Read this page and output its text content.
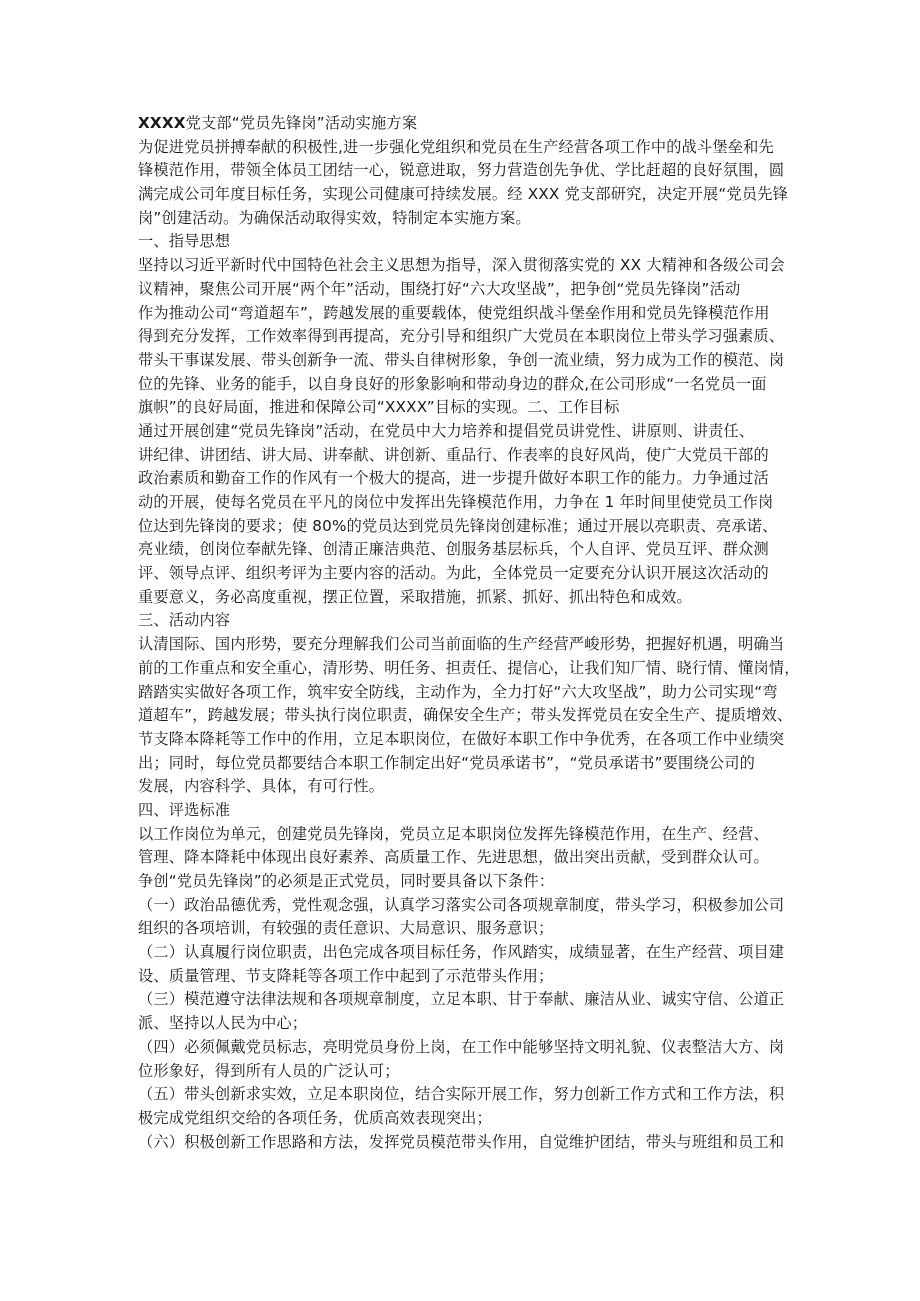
XXXX党支部“党员先锋岗”活动实施方案
为促进党员拼搏奉献的积极性,进一步强化党组织和党员在生产经营各项工作中的战斗堡垒和先
锋模范作用，带领全体员工团结一心，锐意进取，努力营造创先争优、学比赶超的良好氛围，圆
满完成公司年度目标任务，实现公司健康可持续发展。经 XXX 党支部研究，决定开展“党员先锋
岗”创建活动。为确保活动取得实效，特制定本实施方案。
一、指导思想
坚持以习近平新时代中国特色社会主义思想为指导，深入贯彻落实党的 XX 大精神和各级公司会
议精神，聚焦公司开展“两个年”活动，围绕打好“六大攻坚战”，把争创“党员先锋岗”活动
作为推动公司“弯道超车”，跨越发展的重要载体，使党组织战斗堡垒作用和党员先锋模范作用
得到充分发挥，工作效率得到再提高，充分引导和组织广大党员在本职岗位上带头学习强素质、
带头干事谋发展、带头创新争一流、带头自律树形象，争创一流业绩，努力成为工作的模范、岗
位的先锋、业务的能手，以自身良好的形象影响和带动身边的群众,在公司形成“一名党员一面
旗帜”的良好局面，推进和保障公司“XXXX”目标的实现。二、工作目标
通过开展创建“党员先锋岗”活动，在党员中大力培养和提倡党员讲党性、讲原则、讲责任、
讲纪律、讲团结、讲大局、讲奉献、讲创新、重品行、作表率的良好风尚，使广大党员干部的
政治素质和勤奋工作的作风有一个极大的提高，进一步提升做好本职工作的能力。力争通过活
动的开展，使每名党员在平凡的岗位中发挥出先锋模范作用，力争在 1 年时间里使党员工作岗
位达到先锋岗的要求；使 80%的党员达到党员先锋岗创建标准；通过开展以亮职责、亮承诺、
亮业绩，创岗位奉献先锋、创清正廉洁典范、创服务基层标兵，个人自评、党员互评、群众测
评、领导点评、组织考评为主要内容的活动。为此，全体党员一定要充分认识开展这次活动的
重要意义，务必高度重视，摆正位置，采取措施，抓紧、抓好、抓出特色和成效。
三、活动内容
认清国际、国内形势，要充分理解我们公司当前面临的生产经营严峻形势，把握好机遇，明确当
前的工作重点和安全重心，清形势、明任务、担责任、提信心，让我们知厂情、晓行情、懂岗情，
踏踏实实做好各项工作，筑牢安全防线，主动作为，全力打好“六大攻坚战”，助力公司实现“弯
道超车”，跨越发展；带头执行岗位职责，确保安全生产；带头发挥党员在安全生产、提质增效、
节支降本降耗等工作中的作用，立足本职岗位，在做好本职工作中争优秀，在各项工作中业绩突
出；同时，每位党员都要结合本职工作制定出好“党员承诺书”，“党员承诺书”要围绕公司的
发展，内容科学、具体，有可行性。
四、评选标准
以工作岗位为单元，创建党员先锋岗，党员立足本职岗位发挥先锋模范作用，在生产、经营、
管理、降本降耗中体现出良好素养、高质量工作、先进思想，做出突出贡献，受到群众认可。
争创“党员先锋岗”的必须是正式党员，同时要具备以下条件：
（一）政治品德优秀，党性观念强，认真学习落实公司各项规章制度，带头学习，积极参加公司
组织的各项培训，有较强的责任意识、大局意识、服务意识；
（二）认真履行岗位职责，出色完成各项目标任务，作风踏实，成绩显著，在生产经营、项目建
设、质量管理、节支降耗等各项工作中起到了示范带头作用；
（三）模范遵守法律法规和各项规章制度，立足本职、甘于奉献、廉洁从业、诚实守信、公道正
派、坚持以人民为中心；
（四）必须佩戴党员标志，亮明党员身份上岗，在工作中能够坚持文明礼貌、仪表整洁大方、岗
位形象好，得到所有人员的广泛认可；
（五）带头创新求实效，立足本职岗位，结合实际开展工作，努力创新工作方式和工作方法，积
极完成党组织交给的各项任务，优质高效表现突出；
（六）积极创新工作思路和方法，发挥党员模范带头作用，自觉维护团结，带头与班组和员工和
